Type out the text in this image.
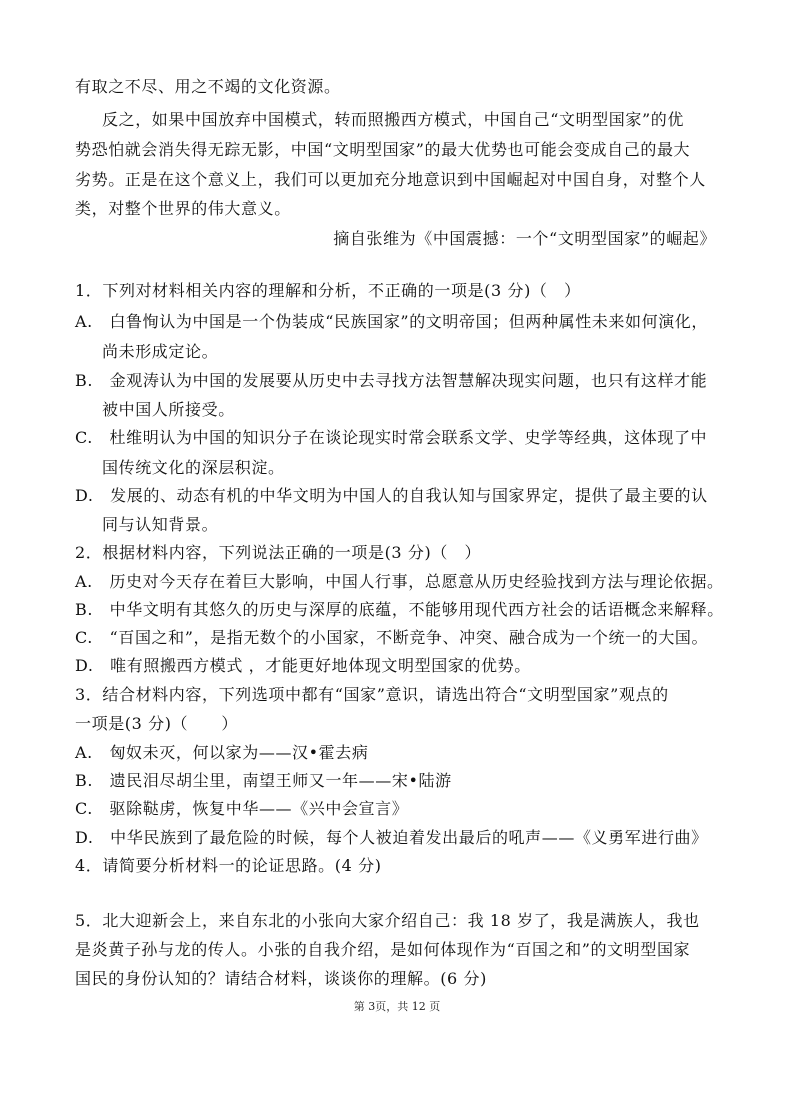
有取之不尽、用之不竭的文化资源。
反之，如果中国放弃中国模式，转而照搬西方模式，中国自己“文明型国家”的优
势恐怕就会消失得无踪无影，中国“文明型国家”的最大优势也可能会变成自己的最大
劣势。正是在这个意义上，我们可以更加充分地意识到中国崛起对中国自身，对整个人
类，对整个世界的伟大意义。
摘自张维为《中国震撼：一个“文明型国家”的崛起》
1．下列对材料相关内容的理解和分析，不正确的一项是(3 分)（　）
A.　白鲁恂认为中国是一个伪装成“民族国家”的文明帝国；但两种属性未来如何演化，
尚未形成定论。
B.　金观涛认为中国的发展要从历史中去寻找方法智慧解决现实问题，也只有这样才能
被中国人所接受。
C.　杜维明认为中国的知识分子在谈论现实时常会联系文学、史学等经典，这体现了中
国传统文化的深层积淀。
D.　发展的、动态有机的中华文明为中国人的自我认知与国家界定，提供了最主要的认
同与认知背景。
2．根据材料内容，下列说法正确的一项是(3 分)（　）
A.　历史对今天存在着巨大影响，中国人行事，总愿意从历史经验找到方法与理论依据。
B.　中华文明有其悠久的历史与深厚的底蕴，不能够用现代西方社会的话语概念来解释。
C.　“百国之和”，是指无数个的小国家，不断竞争、冲突、融合成为一个统一的大国。
D.　唯有照搬西方模式 ，才能更好地体现文明型国家的优势。
3．结合材料内容，下列选项中都有“国家”意识，请选出符合“文明型国家”观点的
一项是(3 分)（　　）
A.　匈奴未灭，何以家为——汉•霍去病
B.　遗民泪尽胡尘里，南望王师又一年——宋•陆游
C.　驱除鞑虏，恢复中华——《兴中会宣言》
D.　中华民族到了最危险的时候，每个人被迫着发出最后的吼声——《义勇军进行曲》
4．请简要分析材料一的论证思路。(4 分)
5．北大迎新会上，来自东北的小张向大家介绍自己：我 18 岁了，我是满族人，我也
是炎黄子孙与龙的传人。小张的自我介绍，是如何体现作为“百国之和”的文明型国家
国民的身份认知的？请结合材料，谈谈你的理解。(6 分)
第 3页，共 12 页
